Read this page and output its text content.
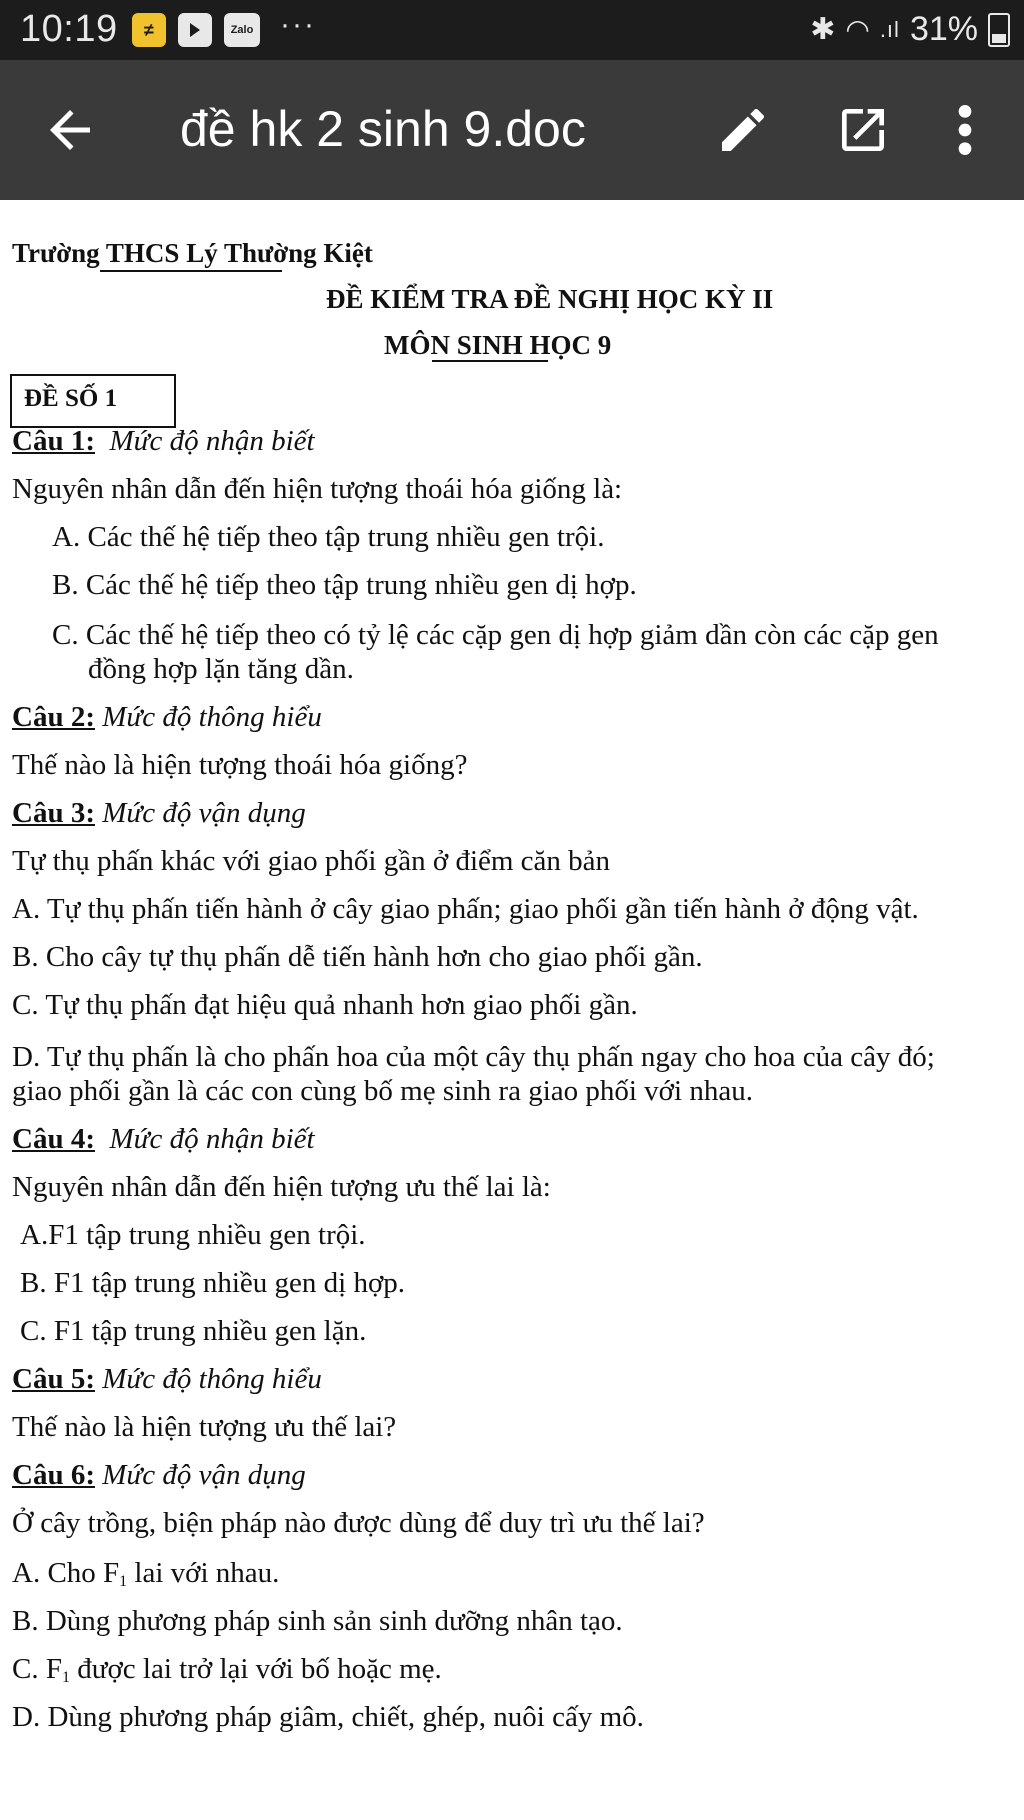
10:19	≠	Zalo ···	✱ ◠ .ıl 31%
đề hk 2 sinh 9.doc
Trường THCS Lý Thường Kiệt
ĐỀ KIỂM TRA ĐỀ NGHỊ HỌC KỲ II
MÔN SINH HỌC 9
ĐỀ SỐ 1
Câu 1: Mức độ nhận biết
Nguyên nhân dẫn đến hiện tượng thoái hóa giống là:
A. Các thế hệ tiếp theo tập trung nhiều gen trội.
B. Các thế hệ tiếp theo tập trung nhiều gen dị hợp.
C. Các thế hệ tiếp theo có tỷ lệ các cặp gen dị hợp giảm dần còn các cặp gen
đồng hợp lặn tăng dần.
Câu 2: Mức độ thông hiểu
Thế nào là hiện tượng thoái hóa giống?
Câu 3: Mức độ vận dụng
Tự thụ phấn khác với giao phối gần ở điểm căn bản
A. Tự thụ phấn tiến hành ở cây giao phấn; giao phối gần tiến hành ở động vật.
B. Cho cây tự thụ phấn dễ tiến hành hơn cho giao phối gần.
C. Tự thụ phấn đạt hiệu quả nhanh hơn giao phối gần.
D. Tự thụ phấn là cho phấn hoa của một cây thụ phấn ngay cho hoa của cây đó;
giao phối gần là các con cùng bố mẹ sinh ra giao phối với nhau.
Câu 4: Mức độ nhận biết
Nguyên nhân dẫn đến hiện tượng ưu thế lai là:
A.F1 tập trung nhiều gen trội.
B. F1 tập trung nhiều gen dị hợp.
C. F1 tập trung nhiều gen lặn.
Câu 5: Mức độ thông hiểu
Thế nào là hiện tượng ưu thế lai?
Câu 6: Mức độ vận dụng
Ở cây trồng, biện pháp nào được dùng để duy trì ưu thế lai?
A. Cho $F_1$ lai với nhau.
B. Dùng phương pháp sinh sản sinh dưỡng nhân tạo.
C. $F_1$ được lai trở lại với bố hoặc mẹ.
D. Dùng phương pháp giâm, chiết, ghép, nuôi cấy mô.
